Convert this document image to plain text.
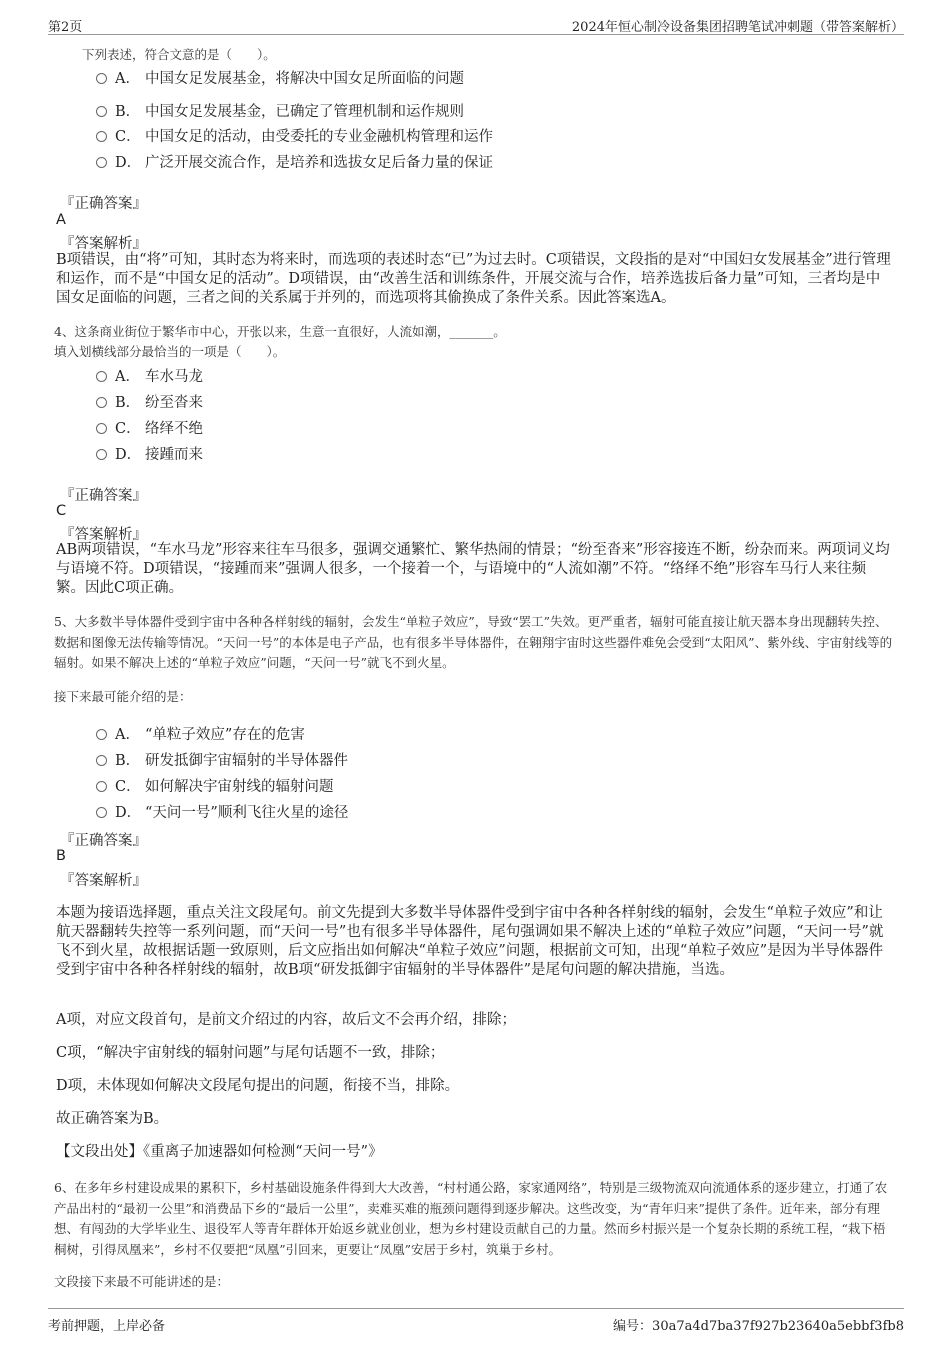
第2页	2024年恒心制冷设备集团招聘笔试冲刺题（带答案解析）
下列表述，符合文意的是（　　）。
A． 中国女足发展基金，将解决中国女足所面临的问题
B． 中国女足发展基金，已确定了管理机制和运作规则
C． 中国女足的活动，由受委托的专业金融机构管理和运作
D． 广泛开展交流合作，是培养和选拔女足后备力量的保证
『正确答案』
A
『答案解析』
B项错误，由“将”可知，其时态为将来时，而选项的表述时态“已”为过去时。C项错误，文段指的是对“中国妇女发展基金”进行管理和运作，而不是“中国女足的活动”。D项错误，由“改善生活和训练条件，开展交流与合作，培养选拔后备力量”可知，三者均是中国女足面临的问题，三者之间的关系属于并列的，而选项将其偷换成了条件关系。因此答案选A。
4、这条商业街位于繁华市中心，开张以来，生意一直很好，人流如潮，_______。
填入划横线部分最恰当的一项是（　　）。
A． 车水马龙
B． 纷至沓来
C． 络绎不绝
D． 接踵而来
『正确答案』
C
『答案解析』
AB两项错误，“车水马龙”形容来往车马很多，强调交通繁忙、繁华热闹的情景；“纷至沓来”形容接连不断，纷杂而来。两项词义均与语境不符。D项错误，“接踵而来”强调人很多，一个接着一个，与语境中的“人流如潮”不符。“络绎不绝”形容车马行人来往频繁。因此C项正确。
5、大多数半导体器件受到宇宙中各种各样射线的辐射，会发生“单粒子效应”，导致“罢工”失效。更严重者，辐射可能直接让航天器本身出现翻转失控、数据和图像无法传输等情况。“天问一号”的本体是电子产品，也有很多半导体器件，在翱翔宇宙时这些器件难免会受到“太阳风”、紫外线、宇宙射线等的辐射。如果不解决上述的“单粒子效应”问题，“天问一号”就飞不到火星。
接下来最可能介绍的是：
A． “单粒子效应”存在的危害
B． 研发抵御宇宙辐射的半导体器件
C． 如何解决宇宙射线的辐射问题
D． “天问一号”顺利飞往火星的途径
『正确答案』
B
『答案解析』
本题为接语选择题，重点关注文段尾句。前文先提到大多数半导体器件受到宇宙中各种各样射线的辐射，会发生“单粒子效应”和让航天器翻转失控等一系列问题，而“天问一号”也有很多半导体器件，尾句强调如果不解决上述的“单粒子效应”问题，“天问一号”就飞不到火星，故根据话题一致原则，后文应指出如何解决“单粒子效应”问题，根据前文可知，出现“单粒子效应”是因为半导体器件受到宇宙中各种各样射线的辐射，故B项“研发抵御宇宙辐射的半导体器件”是尾句问题的解决措施，当选。
A项，对应文段首句，是前文介绍过的内容，故后文不会再介绍，排除；
C项，“解决宇宙射线的辐射问题”与尾句话题不一致，排除；
D项，未体现如何解决文段尾句提出的问题，衔接不当，排除。
故正确答案为B。
【文段出处】《重离子加速器如何检测“天问一号”》
6、在多年乡村建设成果的累积下，乡村基础设施条件得到大大改善，“村村通公路，家家通网络”，特别是三级物流双向流通体系的逐步建立，打通了农产品出村的“最初一公里”和消费品下乡的“最后一公里”，卖难买难的瓶颈问题得到逐步解决。这些改变，为“青年归来”提供了条件。近年来，部分有理想、有闯劲的大学毕业生、退役军人等青年群体开始返乡就业创业，想为乡村建设贡献自己的力量。然而乡村振兴是一个复杂长期的系统工程，“栽下梧桐树，引得凤凰来”，乡村不仅要把“凤凰”引回来，更要让“凤凰”安居于乡村，筑巢于乡村。
文段接下来最不可能讲述的是：
考前押题，上岸必备	编号：30a7a4d7ba37f927b23640a5ebbf3fb8
